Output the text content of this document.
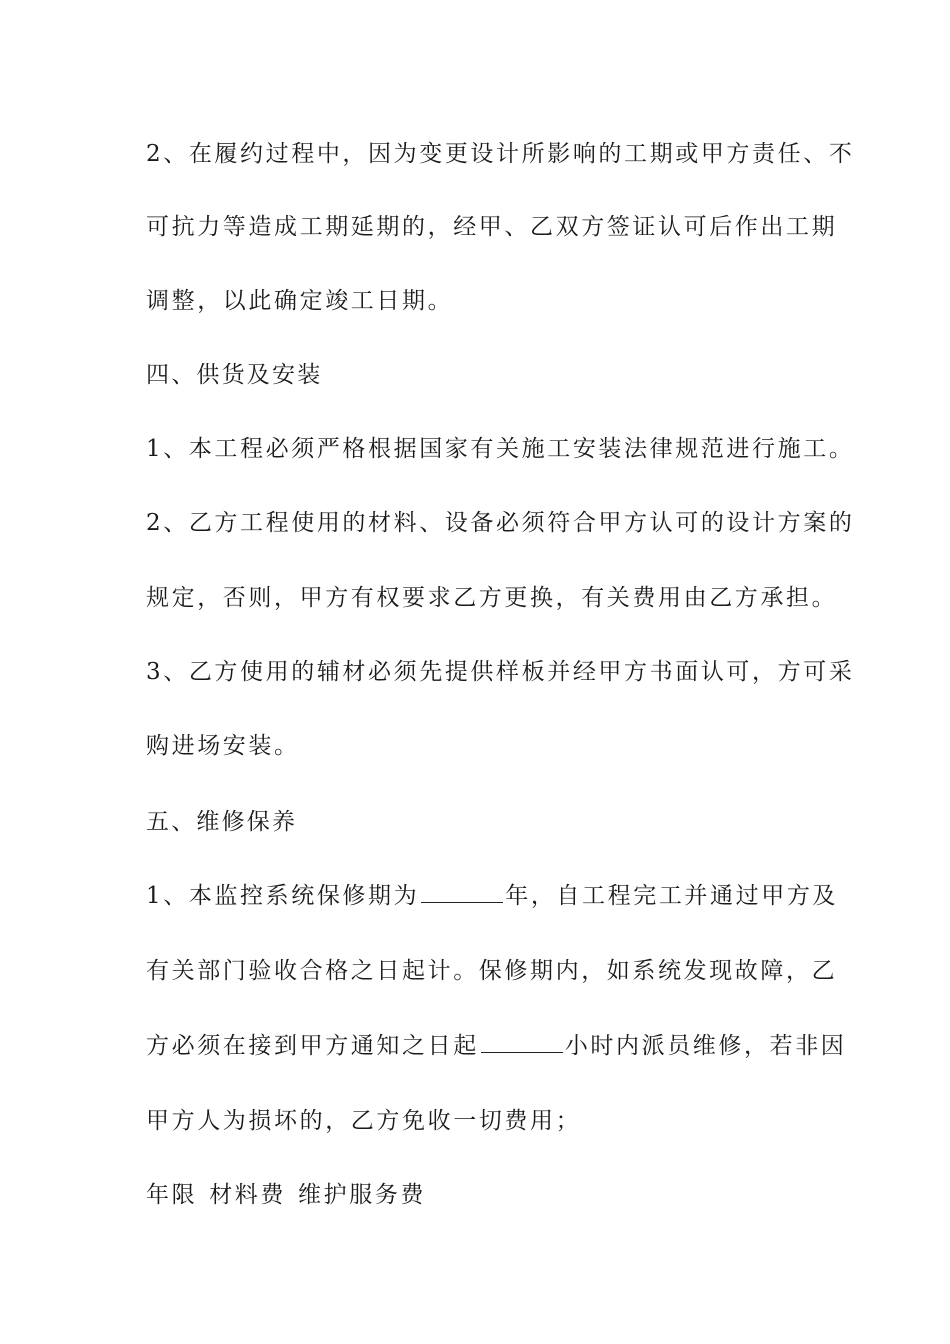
2、在履约过程中，因为变更设计所影响的工期或甲方责任、不
可抗力等造成工期延期的，经甲、乙双方签证认可后作出工期
调整，以此确定竣工日期。
四、供货及安装
1、本工程必须严格根据国家有关施工安装法律规范进行施工。
2、乙方工程使用的材料、设备必须符合甲方认可的设计方案的
规定，否则，甲方有权要求乙方更换，有关费用由乙方承担。
3、乙方使用的辅材必须先提供样板并经甲方书面认可，方可采
购进场安装。
五、维修保养
1、本监控系统保修期为	年，自工程完工并通过甲方及
有关部门验收合格之日起计。保修期内，如系统发现故障，乙
方必须在接到甲方通知之日起	小时内派员维修，若非因
甲方人为损坏的，乙方免收一切费用；
年限 材料费 维护服务费
